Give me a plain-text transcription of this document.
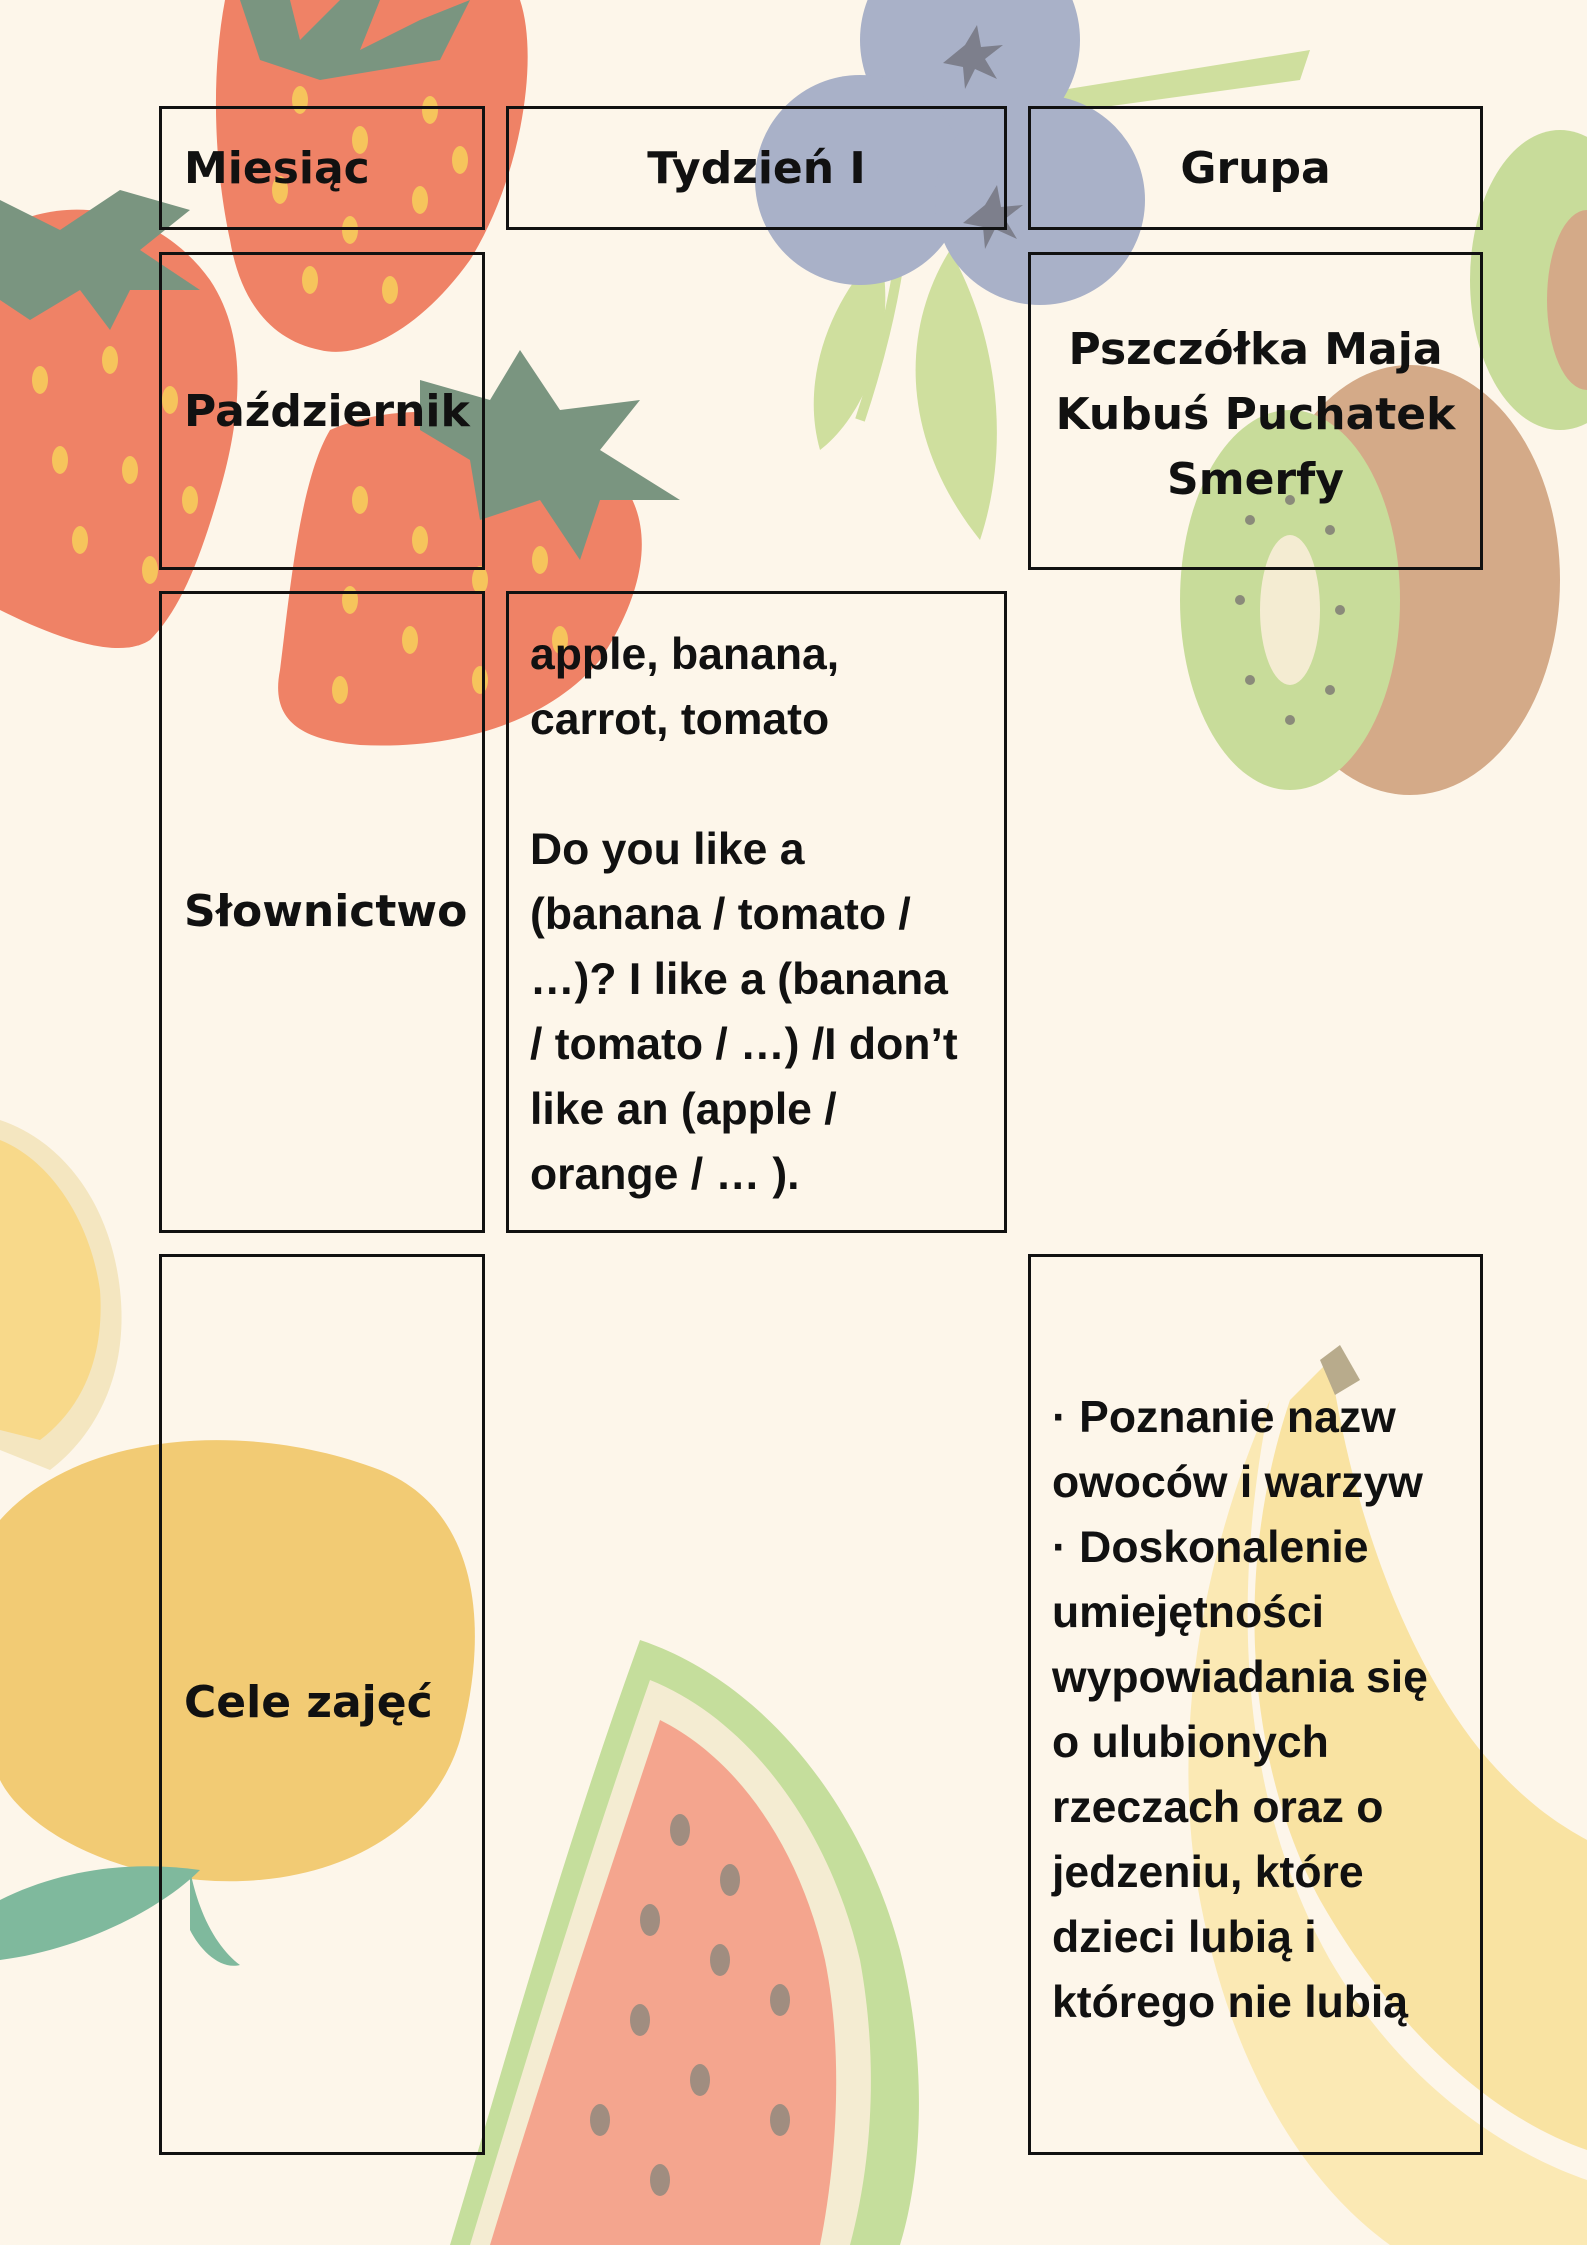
Miesiąc	Tydzień I	Grupa
Październik
Pszczółka Maja
Kubuś Puchatek
Smerfy
Słownictwo
apple, banana,
carrot, tomato
Do you like a
(banana / tomato /
…)? I like a (banana
/ tomato / …) /I don’t
like an (apple /
orange / … ).
Cele zajęć
· Poznanie nazw
owoców i warzyw
· Doskonalenie
umiejętności
wypowiadania się
o ulubionych
rzeczach oraz o
jedzeniu, które
dzieci lubią i
którego nie lubią
